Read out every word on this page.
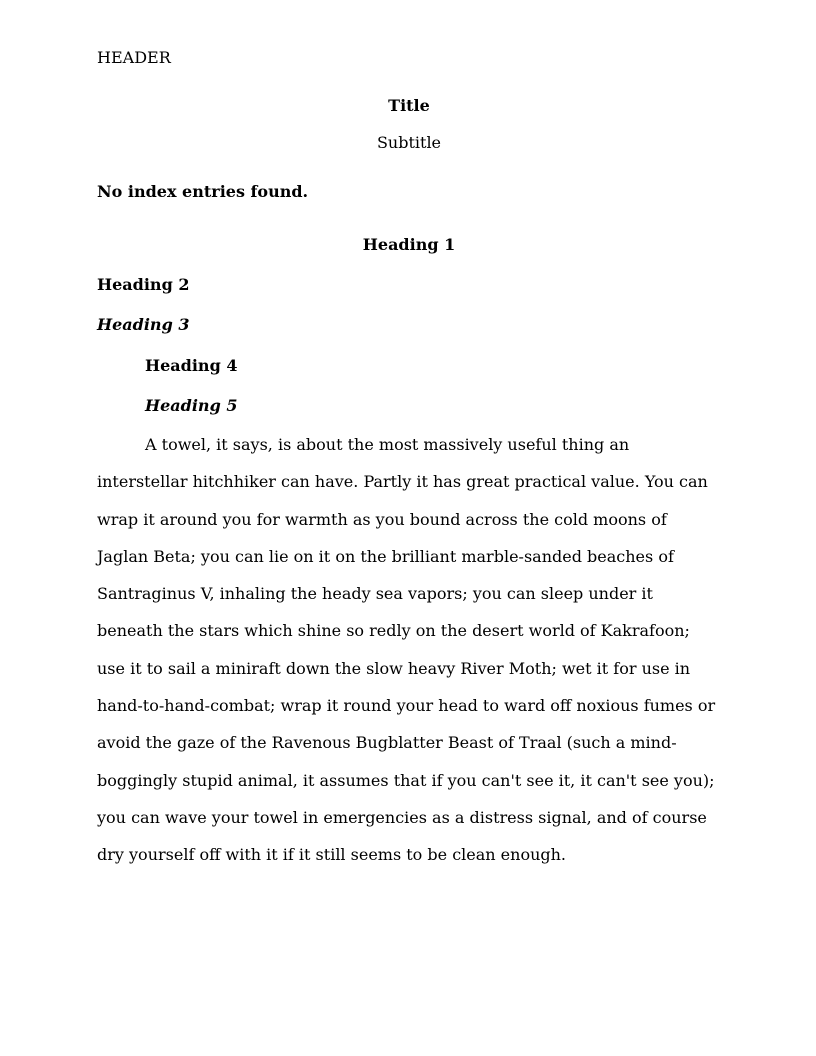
HEADER
Title
Subtitle
No index entries found.
Heading 1
Heading 2
Heading 3
Heading 4
Heading 5

A towel, it says, is about the most massively useful thing an interstellar hitchhiker can have. Partly it has great practical value. You can wrap it around you for warmth as you bound across the cold moons of Jaglan Beta; you can lie on it on the brilliant marble-sanded beaches of Santraginus V, inhaling the heady sea vapors; you can sleep under it beneath the stars which shine so redly on the desert world of Kakrafoon; use it to sail a miniraft down the slow heavy River Moth; wet it for use in hand-to-hand-combat; wrap it round your head to ward off noxious fumes or avoid the gaze of the Ravenous Bugblatter Beast of Traal (such a mind-boggingly stupid animal, it assumes that if you can't see it, it can't see you); you can wave your towel in emergencies as a distress signal, and of course dry yourself off with it if it still seems to be clean enough.
